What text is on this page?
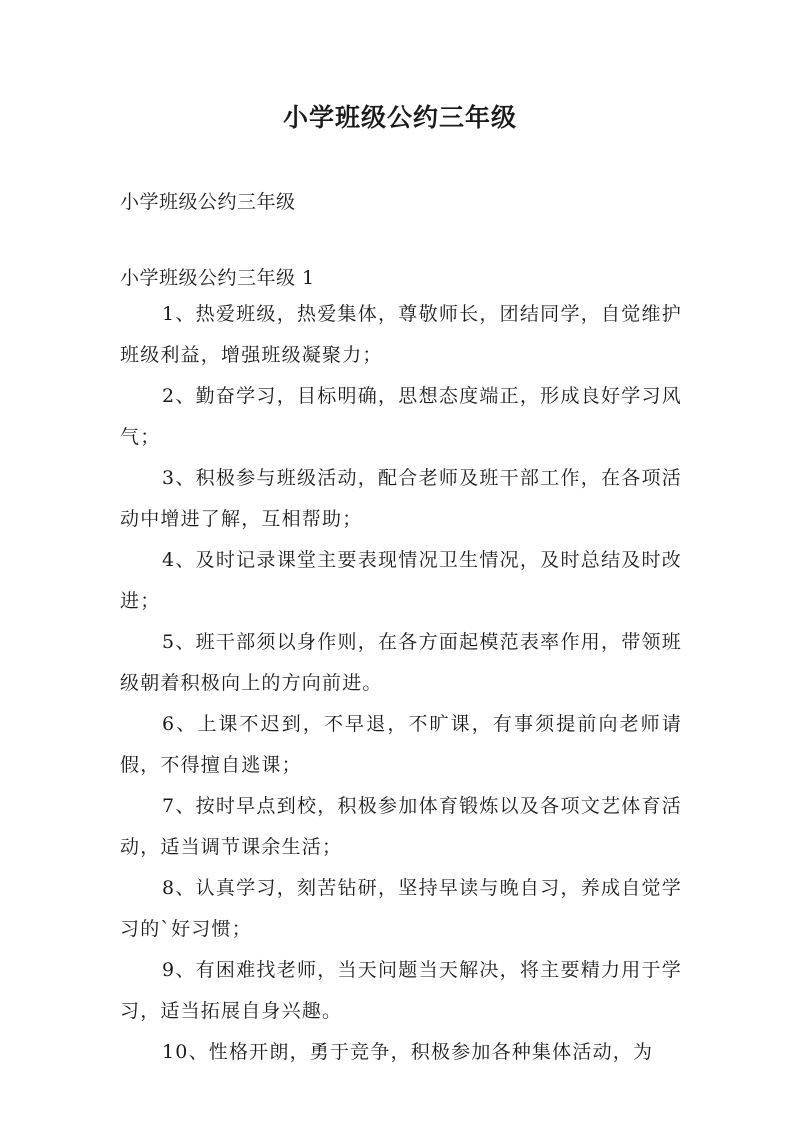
小学班级公约三年级

小学班级公约三年级

小学班级公约三年级 1

1、热爱班级，热爱集体，尊敬师长，团结同学，自觉维护班级利益，增强班级凝聚力；
2、勤奋学习，目标明确，思想态度端正，形成良好学习风气；
3、积极参与班级活动，配合老师及班干部工作，在各项活动中增进了解，互相帮助；
4、及时记录课堂主要表现情况卫生情况，及时总结及时改进；
5、班干部须以身作则，在各方面起模范表率作用，带领班级朝着积极向上的方向前进。
6、上课不迟到，不早退，不旷课，有事须提前向老师请假，不得擅自逃课；
7、按时早点到校，积极参加体育锻炼以及各项文艺体育活动，适当调节课余生活；
8、认真学习，刻苦钻研，坚持早读与晚自习，养成自觉学习的`好习惯；
9、有困难找老师，当天问题当天解决，将主要精力用于学习，适当拓展自身兴趣。
10、性格开朗，勇于竞争，积极参加各种集体活动，为
